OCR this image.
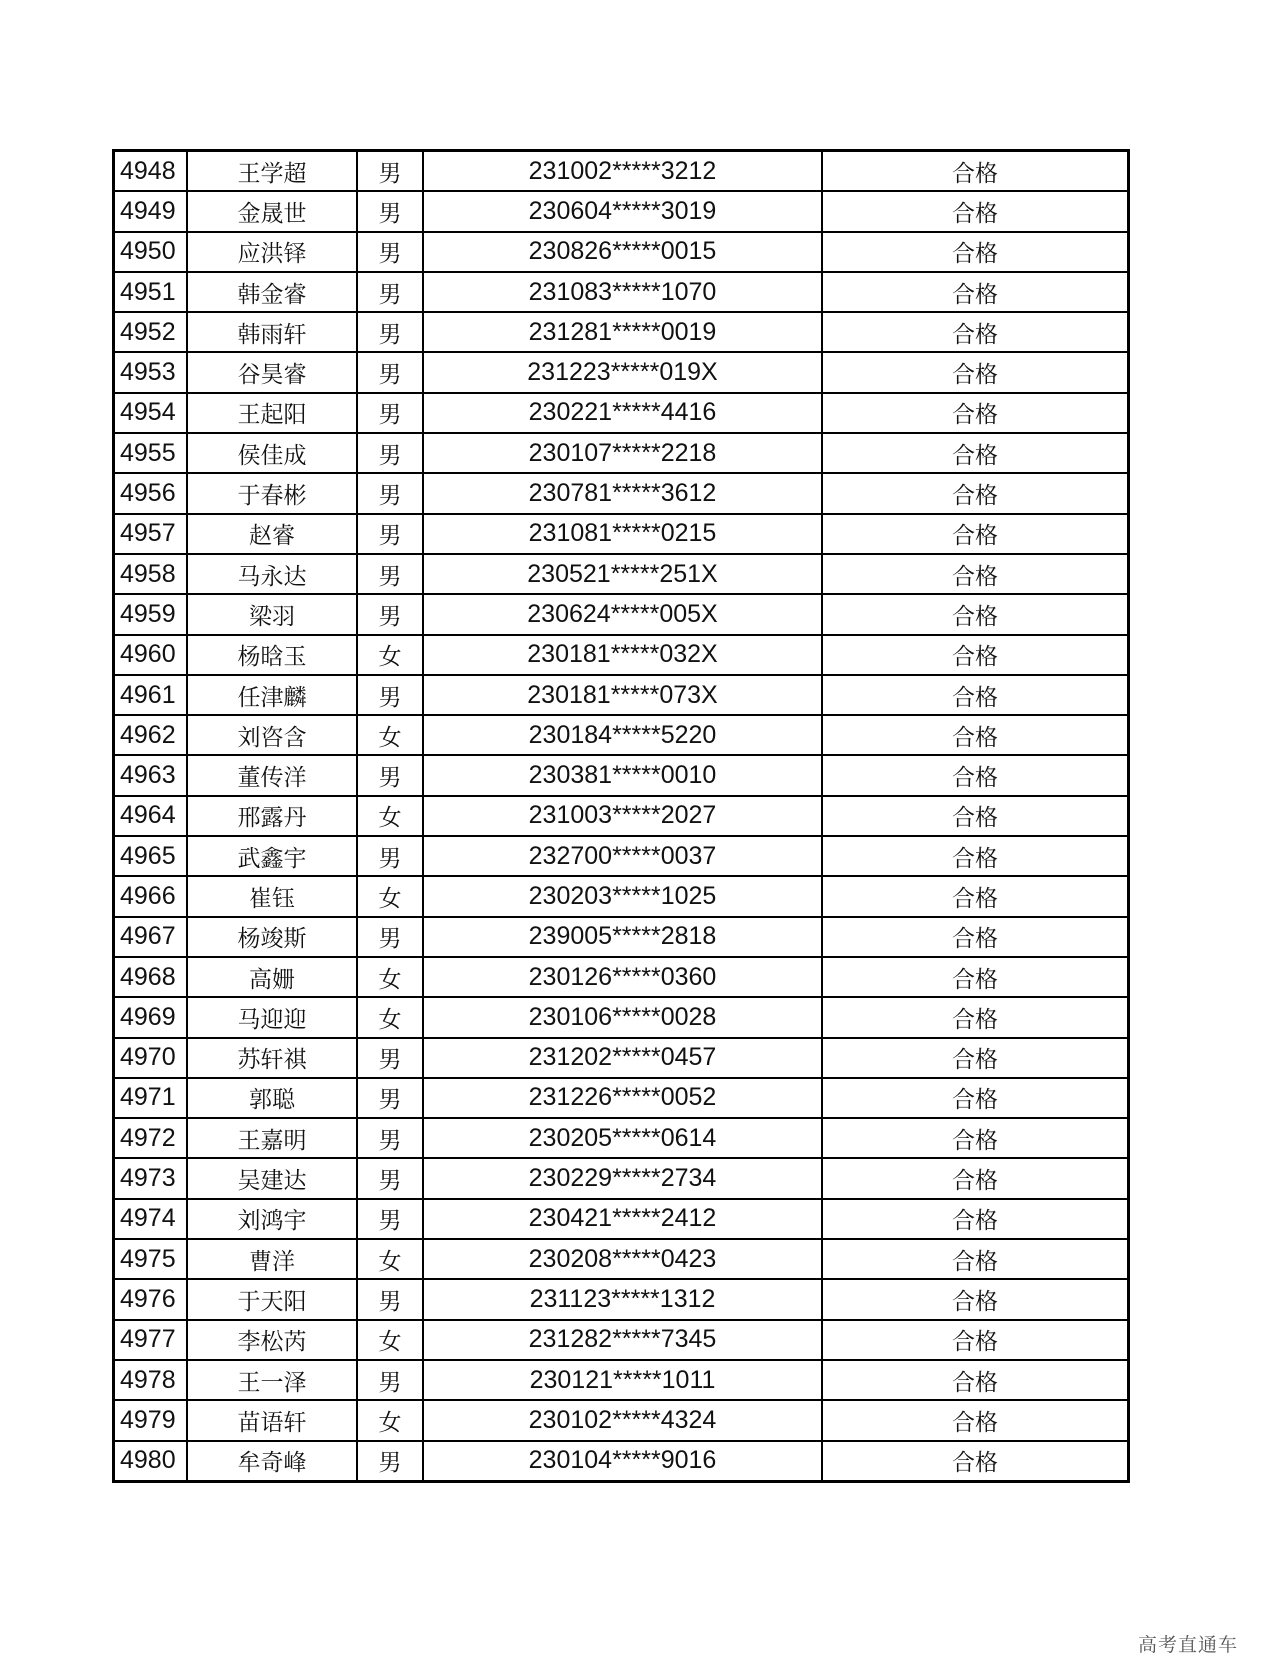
4948	王学超	男	231002*****3212	合格
4949	金晟世	男	230604*****3019	合格
4950	应洪铎	男	230826*****0015	合格
4951	韩金睿	男	231083*****1070	合格
4952	韩雨轩	男	231281*****0019	合格
4953	谷昊睿	男	231223*****019X	合格
4954	王起阳	男	230221*****4416	合格
4955	侯佳成	男	230107*****2218	合格
4956	于春彬	男	230781*****3612	合格
4957	赵睿	男	231081*****0215	合格
4958	马永达	男	230521*****251X	合格
4959	梁羽	男	230624*****005X	合格
4960	杨晗玉	女	230181*****032X	合格
4961	任津麟	男	230181*****073X	合格
4962	刘咨含	女	230184*****5220	合格
4963	董传洋	男	230381*****0010	合格
4964	邢露丹	女	231003*****2027	合格
4965	武鑫宇	男	232700*****0037	合格
4966	崔钰	女	230203*****1025	合格
4967	杨竣斯	男	239005*****2818	合格
4968	高姗	女	230126*****0360	合格
4969	马迎迎	女	230106*****0028	合格
4970	苏轩祺	男	231202*****0457	合格
4971	郭聪	男	231226*****0052	合格
4972	王嘉明	男	230205*****0614	合格
4973	吴建达	男	230229*****2734	合格
4974	刘鸿宇	男	230421*****2412	合格
4975	曹洋	女	230208*****0423	合格
4976	于天阳	男	231123*****1312	合格
4977	李松芮	女	231282*****7345	合格
4978	王一泽	男	230121*****1011	合格
4979	苗语轩	女	230102*****4324	合格
4980	牟奇峰	男	230104*****9016	合格
高考直通车
